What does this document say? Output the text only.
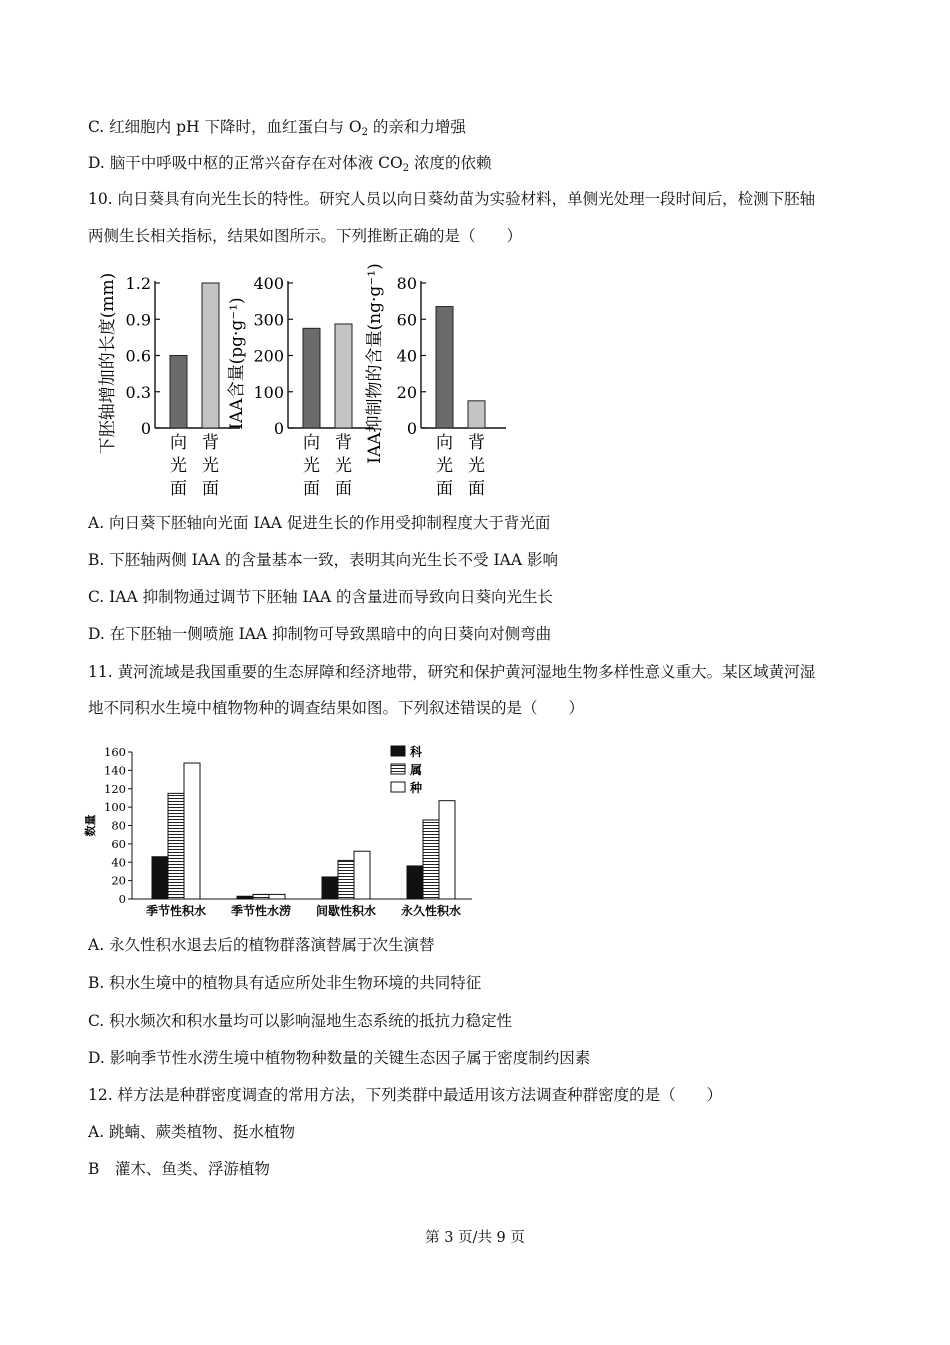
C. 红细胞内 pH 下降时，血红蛋白与 $O_2$ 的亲和力增强
D. 脑干中呼吸中枢的正常兴奋存在对体液 $CO_2$ 浓度的依赖
10. 向日葵具有向光生长的特性。研究人员以向日葵幼苗为实验材料，单侧光处理一段时间后，检测下胚轴
两侧生长相关指标，结果如图所示。下列推断正确的是（　　）
下胚轴增加的长度(mm) 0
0.3
0.6
0.9
1.2
向
光
面
背
光
面
IAA含量(pg·g⁻¹) 0
100
200
300
400
向
光
面
背
光
面
IAA抑制物的含量(ng·g⁻¹) 0
20
40
60
80
向
光
面
背
光
面
A. 向日葵下胚轴向光面 IAA 促进生长的作用受抑制程度大于背光面
B. 下胚轴两侧 IAA 的含量基本一致，表明其向光生长不受 IAA 影响
C. IAA 抑制物通过调节下胚轴 IAA 的含量进而导致向日葵向光生长
D. 在下胚轴一侧喷施 IAA 抑制物可导致黑暗中的向日葵向对侧弯曲
11. 黄河流域是我国重要的生态屏障和经济地带，研究和保护黄河湿地生物多样性意义重大。某区域黄河湿
地不同积水生境中植物物种的调查结果如图。下列叙述错误的是（　　）
数量
0
20
40
60
80
100
120
140
160
季节性积水 季节性水涝 间歇性积水 永久性积水
科
属
种
A. 永久性积水退去后的植物群落演替属于次生演替
B. 积水生境中的植物具有适应所处非生物环境的共同特征
C. 积水频次和积水量均可以影响湿地生态系统的抵抗力稳定性
D. 影响季节性水涝生境中植物物种数量的关键生态因子属于密度制约因素
12. 样方法是种群密度调查的常用方法，下列类群中最适用该方法调查种群密度的是（　　）
A. 跳蝻、蕨类植物、挺水植物
B　灌木、鱼类、浮游植物
第 3 页/共 9 页
